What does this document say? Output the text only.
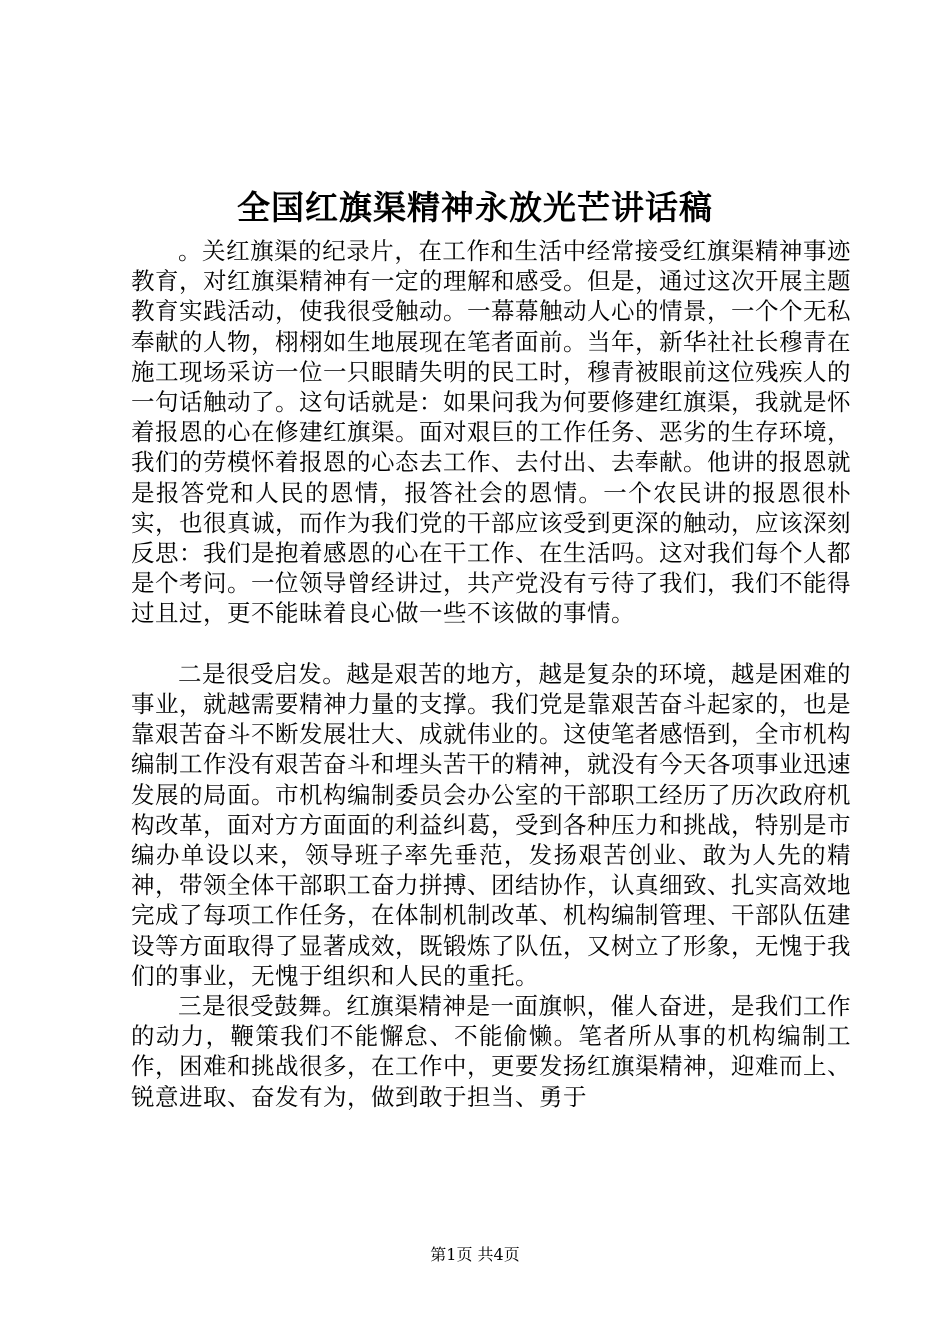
全国红旗渠精神永放光芒讲话稿

。关红旗渠的纪录片，在工作和生活中经常接受红旗渠精神事迹教育，对红旗渠精神有一定的理解和感受。但是，通过这次开展主题教育实践活动，使我很受触动。一幕幕触动人心的情景，一个个无私奉献的人物，栩栩如生地展现在笔者面前。当年，新华社社长穆青在施工现场采访一位一只眼睛失明的民工时，穆青被眼前这位残疾人的一句话触动了。这句话就是：如果问我为何要修建红旗渠，我就是怀着报恩的心在修建红旗渠。面对艰巨的工作任务、恶劣的生存环境，我们的劳模怀着报恩的心态去工作、去付出、去奉献。他讲的报恩就是报答党和人民的恩情，报答社会的恩情。一个农民讲的报恩很朴实，也很真诚，而作为我们党的干部应该受到更深的触动，应该深刻反思：我们是抱着感恩的心在干工作、在生活吗。这对我们每个人都是个考问。一位领导曾经讲过，共产党没有亏待了我们，我们不能得过且过，更不能昧着良心做一些不该做的事情。

二是很受启发。越是艰苦的地方，越是复杂的环境，越是困难的事业，就越需要精神力量的支撑。我们党是靠艰苦奋斗起家的，也是靠艰苦奋斗不断发展壮大、成就伟业的。这使笔者感悟到，全市机构编制工作没有艰苦奋斗和埋头苦干的精神，就没有今天各项事业迅速发展的局面。市机构编制委员会办公室的干部职工经历了历次政府机构改革，面对方方面面的利益纠葛，受到各种压力和挑战，特别是市编办单设以来，领导班子率先垂范，发扬艰苦创业、敢为人先的精神，带领全体干部职工奋力拼搏、团结协作，认真细致、扎实高效地完成了每项工作任务，在体制机制改革、机构编制管理、干部队伍建设等方面取得了显著成效，既锻炼了队伍，又树立了形象，无愧于我们的事业，无愧于组织和人民的重托。

三是很受鼓舞。红旗渠精神是一面旗帜，催人奋进，是我们工作的动力，鞭策我们不能懈怠、不能偷懒。笔者所从事的机构编制工作，困难和挑战很多，在工作中，更要发扬红旗渠精神，迎难而上、锐意进取、奋发有为，做到敢于担当、勇于

第1页 共4页
